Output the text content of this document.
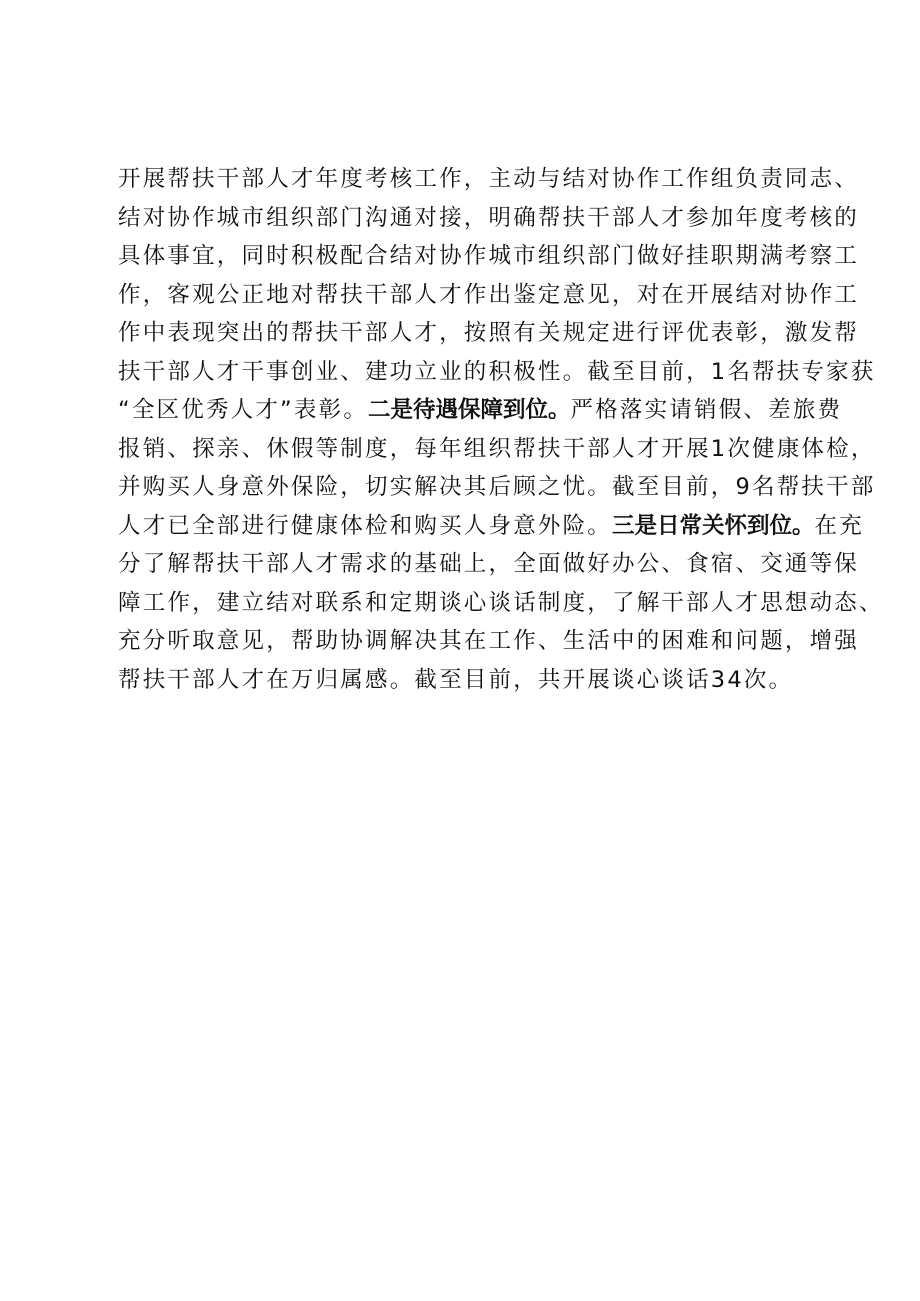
开展帮扶干部人才年度考核工作，主动与结对协作工作组负责同志、
结对协作城市组织部门沟通对接，明确帮扶干部人才参加年度考核的
具体事宜，同时积极配合结对协作城市组织部门做好挂职期满考察工
作，客观公正地对帮扶干部人才作出鉴定意见，对在开展结对协作工
作中表现突出的帮扶干部人才，按照有关规定进行评优表彰，激发帮
扶干部人才干事创业、建功立业的积极性。截至目前，1名帮扶专家获
“全区优秀人才”表彰。二是待遇保障到位。严格落实请销假、差旅费
报销、探亲、休假等制度，每年组织帮扶干部人才开展1次健康体检，
并购买人身意外保险，切实解决其后顾之忧。截至目前，9名帮扶干部
人才已全部进行健康体检和购买人身意外险。三是日常关怀到位。在充
分了解帮扶干部人才需求的基础上，全面做好办公、食宿、交通等保
障工作，建立结对联系和定期谈心谈话制度，了解干部人才思想动态、
充分听取意见，帮助协调解决其在工作、生活中的困难和问题，增强
帮扶干部人才在万归属感。截至目前，共开展谈心谈话34次。
